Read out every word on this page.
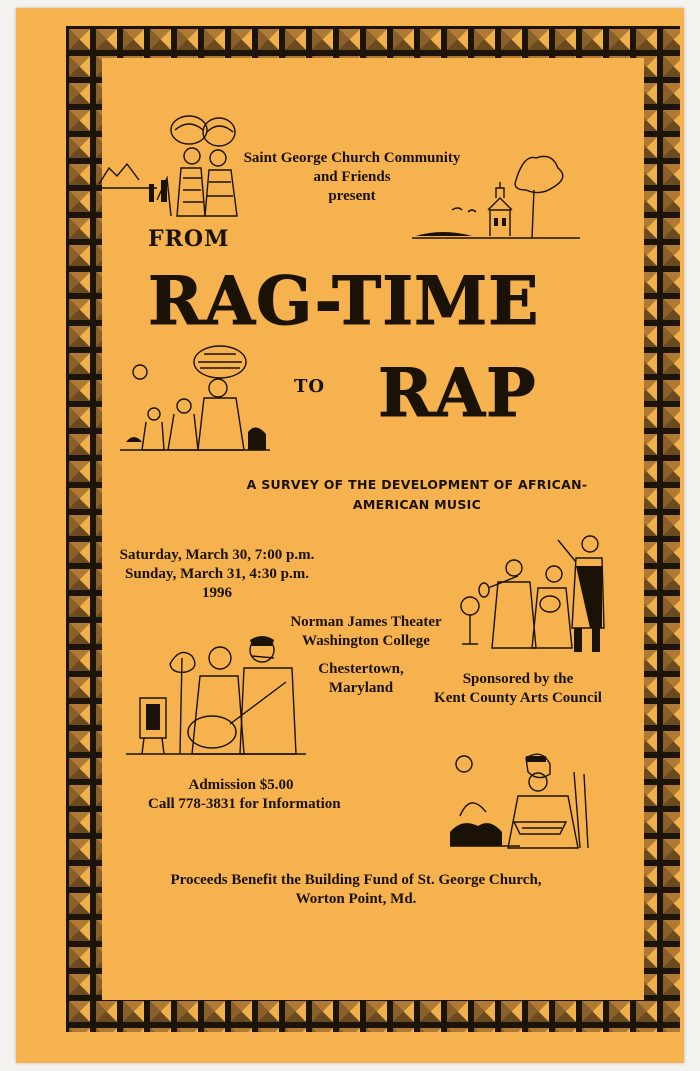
Saint George Church Community
and Friends
present
FROM
RAG-TIME
TO RAP
A SURVEY OF THE DEVELOPMENT OF AFRICAN-
AMERICAN MUSIC
Saturday, March 30, 7:00 p.m.
Sunday, March 31, 4:30 p.m.
1996
Norman James Theater
Washington College
Chestertown,
Maryland
Sponsored by the
Kent County Arts Council
Admission $5.00
Call 778-3831 for Information
Proceeds Benefit the Building Fund of St. George Church,
Worton Point, Md.
